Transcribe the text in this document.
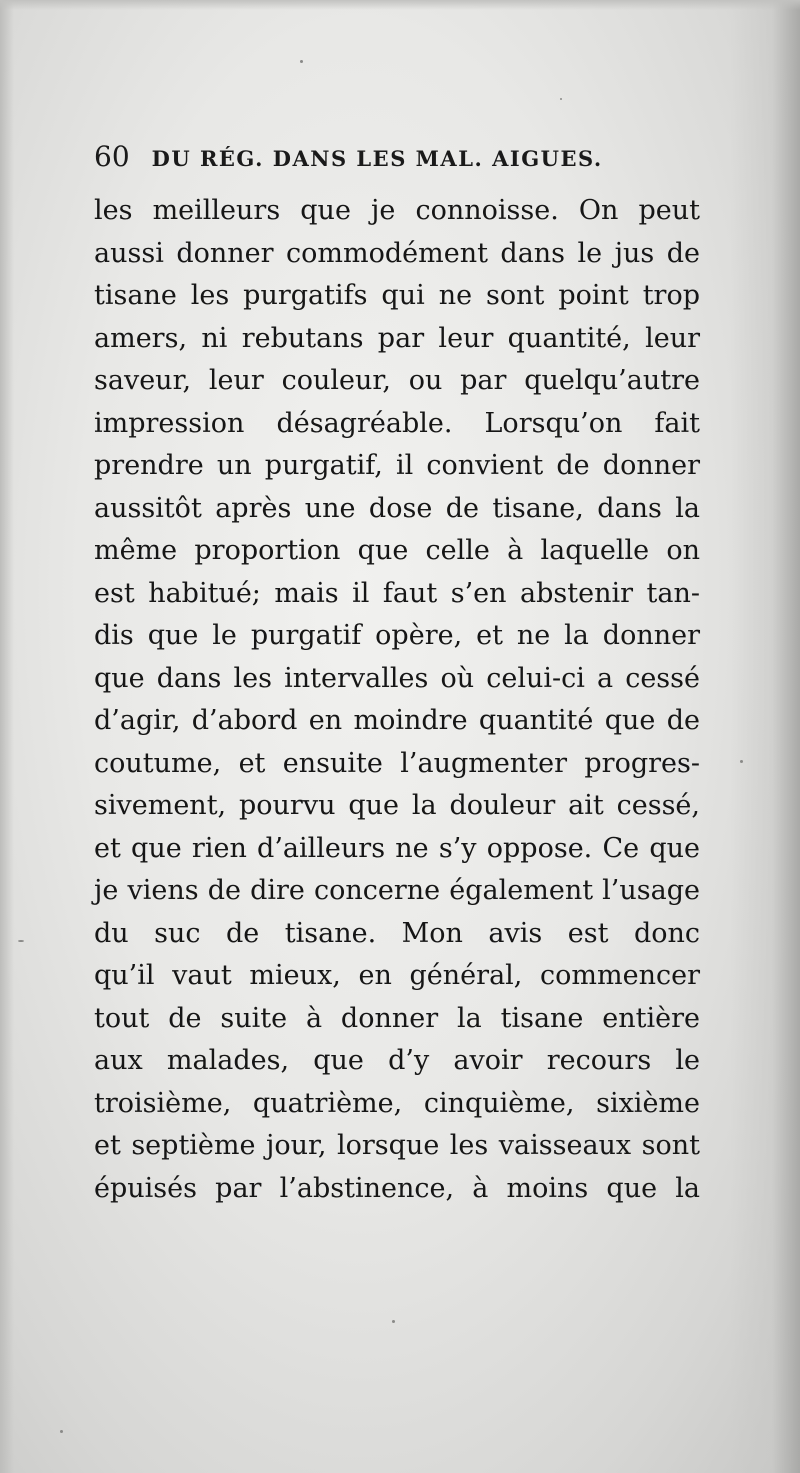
60 DU RÉG. DANS LES MAL. AIGUES.
les meilleurs que je connoisse. On peut
aussi donner commodément dans le jus de
tisane les purgatifs qui ne sont point trop
amers, ni rebutans par leur quantité, leur
saveur, leur couleur, ou par quelqu’autre
impression désagréable. Lorsqu’on fait
prendre un purgatif, il convient de donner
aussitôt après une dose de tisane, dans la
même proportion que celle à laquelle on
est habitué; mais il faut s’en abstenir tan-
dis que le purgatif opère, et ne la donner
que dans les intervalles où celui-ci a cessé
d’agir, d’abord en moindre quantité que de
coutume, et ensuite l’augmenter progres-
sivement, pourvu que la douleur ait cessé,
et que rien d’ailleurs ne s’y oppose. Ce que
je viens de dire concerne également l’usage
du suc de tisane. Mon avis est donc
qu’il vaut mieux, en général, commencer
tout de suite à donner la tisane entière
aux malades, que d’y avoir recours le
troisième, quatrième, cinquième, sixième
et septième jour, lorsque les vaisseaux sont
épuisés par l’abstinence, à moins que la
